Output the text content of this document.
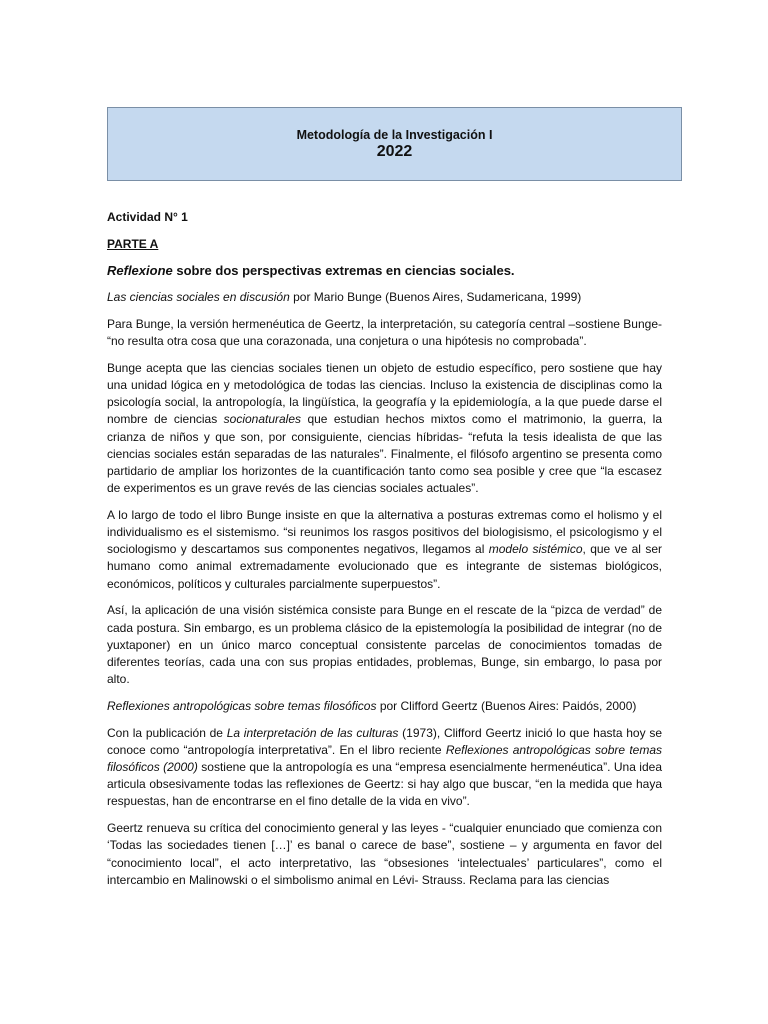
Metodología de la Investigación I
2022

Actividad N° 1

PARTE A

Reflexione sobre dos perspectivas extremas en ciencias sociales.

Las ciencias sociales en discusión por Mario Bunge (Buenos Aires, Sudamericana, 1999)

Para Bunge, la versión hermenéutica de Geertz, la interpretación, su categoría central –sostiene Bunge- “no resulta otra cosa que una corazonada, una conjetura o una hipótesis no comprobada”.

Bunge acepta que las ciencias sociales tienen un objeto de estudio específico, pero sostiene que hay una unidad lógica en y metodológica de todas las ciencias. Incluso la existencia de disciplinas como la psicología social, la antropología, la lingüística, la geografía y la epidemiología, a la que puede darse el nombre de ciencias socionaturales que estudian hechos mixtos como el matrimonio, la guerra, la crianza de niños y que son, por consiguiente, ciencias híbridas- “refuta la tesis idealista de que las ciencias sociales están separadas de las naturales”. Finalmente, el filósofo argentino se presenta como partidario de ampliar los horizontes de la cuantificación tanto como sea posible y cree que “la escasez de experimentos es un grave revés de las ciencias sociales actuales”.

A lo largo de todo el libro Bunge insiste en que la alternativa a posturas extremas como el holismo y el individualismo es el sistemismo. “si reunimos los rasgos positivos del biologisismo, el psicologismo y el sociologismo y descartamos sus componentes negativos, llegamos al modelo sistémico, que ve al ser humano como animal extremadamente evolucionado que es integrante de sistemas biológicos, económicos, políticos y culturales parcialmente superpuestos”.

Así, la aplicación de una visión sistémica consiste para Bunge en el rescate de la “pizca de verdad” de cada postura. Sin embargo, es un problema clásico de la epistemología la posibilidad de integrar (no de yuxtaponer) en un único marco conceptual consistente parcelas de conocimientos tomadas de diferentes teorías, cada una con sus propias entidades, problemas, Bunge, sin embargo, lo pasa por alto.

Reflexiones antropológicas sobre temas filosóficos por Clifford Geertz (Buenos Aires: Paidós, 2000)

Con la publicación de La interpretación de las culturas (1973), Clifford Geertz inició lo que hasta hoy se conoce como “antropología interpretativa”. En el libro reciente Reflexiones antropológicas sobre temas filosóficos (2000) sostiene que la antropología es una “empresa esencialmente hermenéutica”. Una idea articula obsesivamente todas las reflexiones de Geertz: si hay algo que buscar, “en la medida que haya respuestas, han de encontrarse en el fino detalle de la vida en vivo”.

Geertz renueva su crítica del conocimiento general y las leyes - “cualquier enunciado que comienza con ‘Todas las sociedades tienen […]’ es banal o carece de base”, sostiene – y argumenta en favor del “conocimiento local”, el acto interpretativo, las “obsesiones ‘intelectuales’ particulares”, como el intercambio en Malinowski o el simbolismo animal en Lévi- Strauss. Reclama para las ciencias
